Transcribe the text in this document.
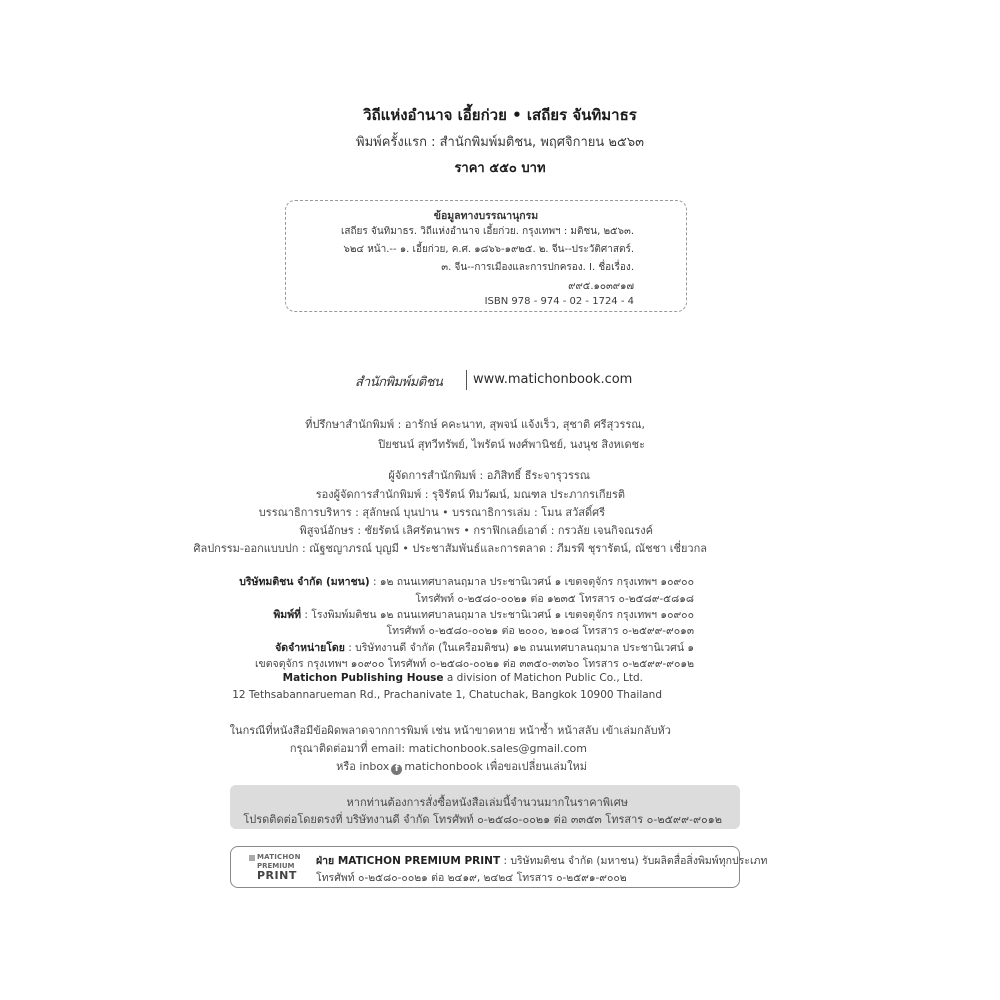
วิถีแห่งอำนาจ เอี้ยก่วย • เสถียร จันทิมาธร
พิมพ์ครั้งแรก : สำนักพิมพ์มติชน, พฤศจิกายน ๒๕๖๓
ราคา ๕๕๐ บาท
ข้อมูลทางบรรณานุกรม
เสถียร จันทิมาธร. วิถีแห่งอำนาจ เอี้ยก่วย. กรุงเทพฯ : มติชน, ๒๕๖๓.
๖๒๔ หน้า.-- ๑. เอี้ยก่วย, ค.ศ. ๑๘๖๖-๑๙๒๕. ๒. จีน--ประวัติศาสตร์.
๓. จีน--การเมืองและการปกครอง. I. ชื่อเรื่อง.
๙๙๕.๑๐๓๙๑๗
ISBN 978 - 974 - 02 - 1724 - 4
สำนักพิมพ์มติชน www.matichonbook.com
ที่ปรึกษาสำนักพิมพ์ : อารักษ์ คคะนาท, สุพจน์ แจ้งเร็ว, สุชาติ ศรีสุวรรณ,
ปิยชนน์ สุทวีทรัพย์, ไพรัตน์ พงศ์พานิชย์, นงนุช สิงหเดชะ
ผู้จัดการสำนักพิมพ์ : อภิสิทธิ์ ธีระจารุวรรณ
รองผู้จัดการสำนักพิมพ์ : รุจิรัตน์ ทิมวัฒน์, มณฑล ประภากรเกียรติ
บรรณาธิการบริหาร : สุลักษณ์ บุนปาน • บรรณาธิการเล่ม : โมน สวัสดิ์ศรี
พิสูจน์อักษร : ชัยรัตน์ เลิศรัตนาพร • กราฟิกเลย์เอาต์ : กรวลัย เจนกิจณรงค์
ศิลปกรรม-ออกแบบปก : ณัฐชญาภรณ์ บุญมี • ประชาสัมพันธ์และการตลาด : ภีมรพี ชุรารัตน์, ณัชชา เชี่ยวกล
บริษัทมติชน จำกัด (มหาชน) : ๑๒ ถนนเทศบาลนฤมาล ประชานิเวศน์ ๑ เขตจตุจักร กรุงเทพฯ ๑๐๙๐๐
โทรศัพท์ ๐-๒๕๘๐-๐๐๒๑ ต่อ ๑๒๓๕ โทรสาร ๐-๒๕๘๙-๕๘๑๘
พิมพ์ที่ : โรงพิมพ์มติชน ๑๒ ถนนเทศบาลนฤมาล ประชานิเวศน์ ๑ เขตจตุจักร กรุงเทพฯ ๑๐๙๐๐
โทรศัพท์ ๐-๒๕๘๐-๐๐๒๑ ต่อ ๒๐๐๐, ๒๑๐๘ โทรสาร ๐-๒๕๙๙-๙๐๑๓
จัดจำหน่ายโดย : บริษัทงานดี จำกัด (ในเครือมติชน) ๑๒ ถนนเทศบาลนฤมาล ประชานิเวศน์ ๑
เขตจตุจักร กรุงเทพฯ ๑๐๙๐๐ โทรศัพท์ ๐-๒๕๘๐-๐๐๒๑ ต่อ ๓๓๕๐-๓๓๖๐ โทรสาร ๐-๒๕๙๙-๙๐๑๒
Matichon Publishing House a division of Matichon Public Co., Ltd.
12 Tethsabannarueman Rd., Prachanivate 1, Chatuchak, Bangkok 10900 Thailand
ในกรณีที่หนังสือมีข้อผิดพลาดจากการพิมพ์ เช่น หน้าขาดหาย หน้าซ้ำ หน้าสลับ เข้าเล่มกลับหัว
กรุณาติดต่อมาที่ email: matichonbook.sales@gmail.com
หรือ inbox f matichonbook เพื่อขอเปลี่ยนเล่มใหม่
หากท่านต้องการสั่งซื้อหนังสือเล่มนี้จำนวนมากในราคาพิเศษ
โปรดติดต่อโดยตรงที่ บริษัทงานดี จำกัด โทรศัพท์ ๐-๒๕๘๐-๐๐๒๑ ต่อ ๓๓๕๓ โทรสาร ๐-๒๕๙๙-๙๐๑๒
MATICHON
PREMIUM
PRINT
ฝ่าย MATICHON PREMIUM PRINT : บริษัทมติชน จำกัด (มหาชน) รับผลิตสื่อสิ่งพิมพ์ทุกประเภท
โทรศัพท์ ๐-๒๕๘๐-๐๐๒๑ ต่อ ๒๔๑๙, ๒๔๒๔ โทรสาร ๐-๒๕๙๑-๙๐๐๒
